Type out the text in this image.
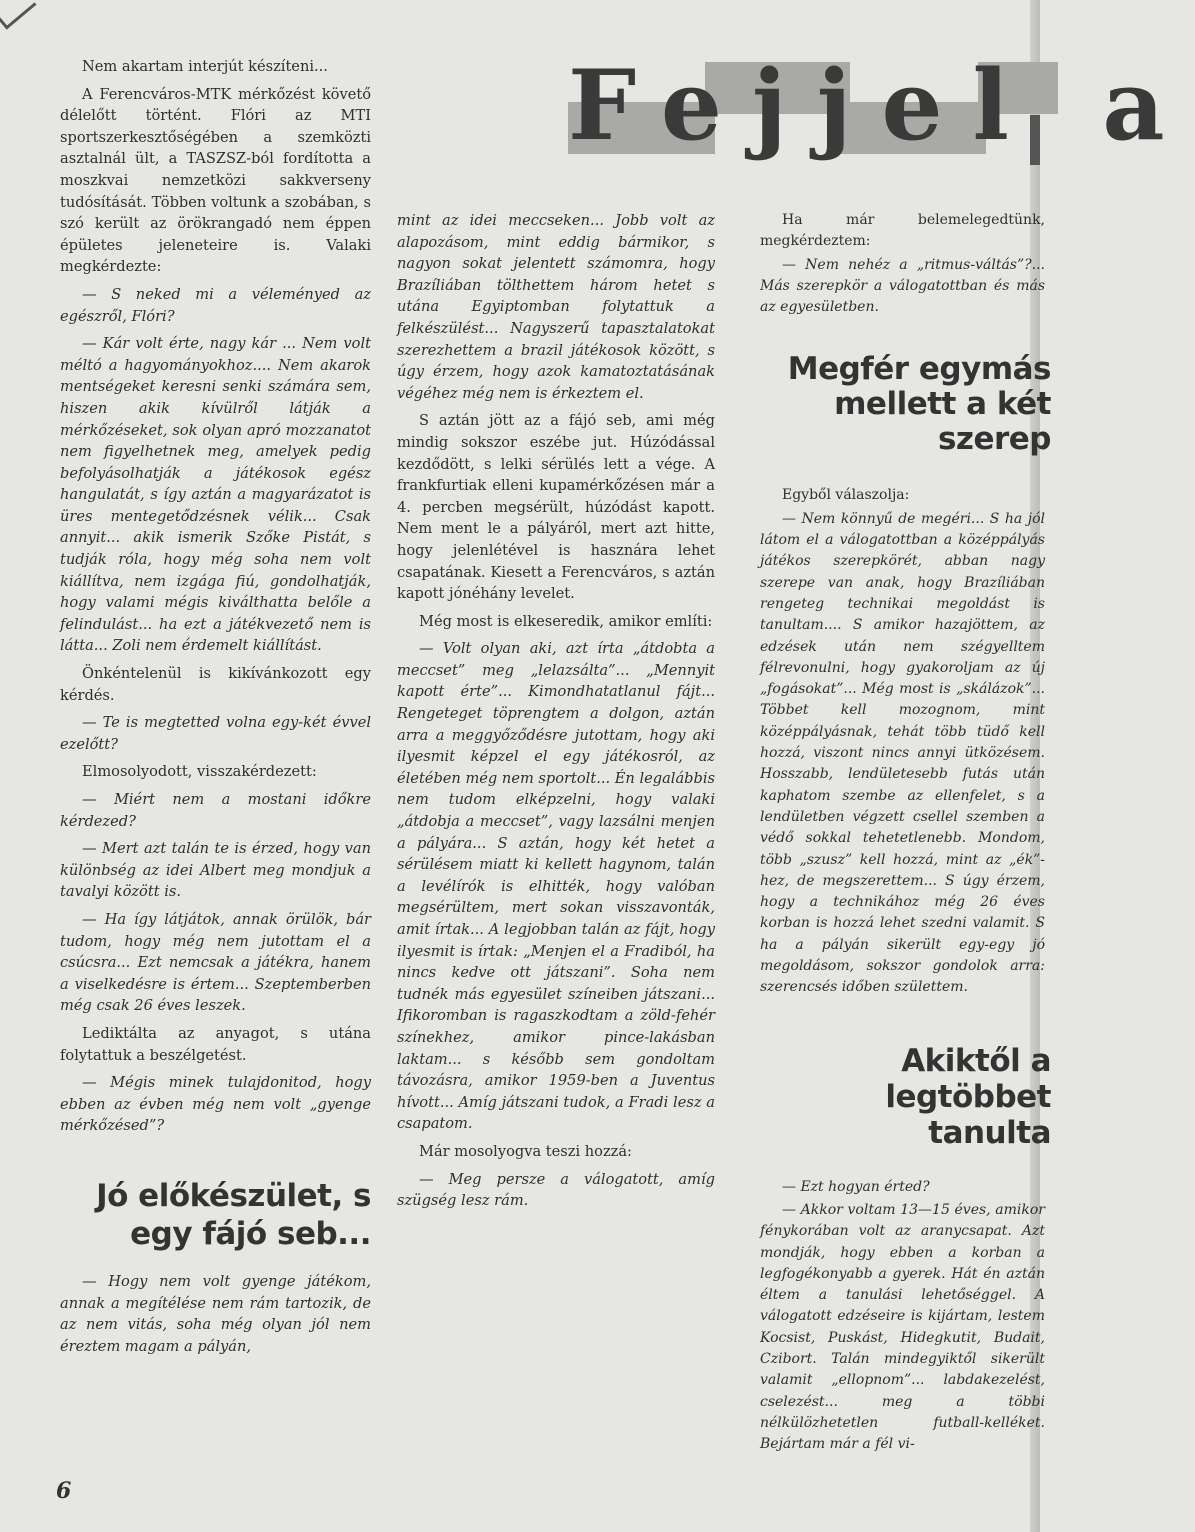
Fejjel a

Nem akartam interjút készíteni...

A Ferencváros-MTK mérkőzést követő délelőtt történt. Flóri az MTI sportszerkesztőségében a szemközti asztalnál ült, a TASZSZ-ból fordította a moszkvai nemzetközi sakkverseny tudósítását. Többen voltunk a szobában, s szó került az örökrangadó nem éppen épületes jeleneteire is. Valaki megkérdezte:

— S neked mi a véleményed az egészről, Flóri?

— Kár volt érte, nagy kár ... Nem volt méltó a hagyományokhoz.... Nem akarok mentségeket keresni senki számára sem, hiszen akik kívülről látják a mérkőzéseket, sok olyan apró mozzanatot nem figyelhetnek meg, amelyek pedig befolyásolhatják a játékosok egész hangulatát, s így aztán a magyarázatot is üres mentegetődzésnek vélik... Csak annyit... akik ismerik Szőke Pistát, s tudják róla, hogy még soha nem volt kiállítva, nem izgága fiú, gondolhatják, hogy valami mégis kiválthatta belőle a felindulást... ha ezt a játékvezető nem is látta... Zoli nem érdemelt kiállítást.

Önkéntelenül is kikívánkozott egy kérdés.

— Te is megtetted volna egy-két évvel ezelőtt?

Elmosolyodott, visszakérdezett:

— Miért nem a mostani időkre kérdezed?

— Mert azt talán te is érzed, hogy van különbség az idei Albert meg mondjuk a tavalyi között is.

— Ha így látjátok, annak örülök, bár tudom, hogy még nem jutottam el a csúcsra... Ezt nemcsak a játékra, hanem a viselkedésre is értem... Szeptemberben még csak 26 éves leszek.

Lediktálta az anyagot, s utána folytattuk a beszélgetést.

— Mégis minek tulajdonitod, hogy ebben az évben még nem volt „gyenge mérkőzésed”?

Jó előkészület, s egy fájó seb...

— Hogy nem volt gyenge játékom, annak a megítélése nem rám tartozik, de az nem vitás, soha még olyan jól nem éreztem magam a pályán,

mint az idei meccseken... Jobb volt az alapozásom, mint eddig bármikor, s nagyon sokat jelentett számomra, hogy Brazíliában tölthettem három hetet s utána Egyiptomban folytattuk a felkészülést... Nagyszerű tapasztalatokat szerezhettem a brazil játékosok között, s úgy érzem, hogy azok kamatoztatásának végéhez még nem is érkeztem el.

S aztán jött az a fájó seb, ami még mindig sokszor eszébe jut. Húzódással kezdődött, s lelki sérülés lett a vége. A frankfurtiak elleni kupamérkőzésen már a 4. percben megsérült, húzódást kapott. Nem ment le a pályáról, mert azt hitte, hogy jelenlétével is hasznára lehet csapatának. Kiesett a Ferencváros, s aztán kapott jónéhány levelet.

Még most is elkeseredik, amikor említi:

— Volt olyan aki, azt írta „átdobta a meccset” meg „lelazsálta”... „Mennyit kapott érte”... Kimondhatatlanul fájt... Rengeteget töprengtem a dolgon, aztán arra a meggyőződésre jutottam, hogy aki ilyesmit képzel el egy játékosról, az életében még nem sportolt... Én legalábbis nem tudom elképzelni, hogy valaki „átdobja a meccset”, vagy lazsálni menjen a pályára... S aztán, hogy két hetet a sérülésem miatt ki kellett hagynom, talán a levélírók is elhitték, hogy valóban megsérültem, mert sokan visszavonták, amit írtak... A legjobban talán az fájt, hogy ilyesmit is írtak: „Menjen el a Fradiból, ha nincs kedve ott játszani”. Soha nem tudnék más egyesület színeiben játszani... Ifikoromban is ragaszkodtam a zöld-fehér színekhez, amikor pince-lakásban laktam... s később sem gondoltam távozásra, amikor 1959-ben a Juventus hívott... Amíg játszani tudok, a Fradi lesz a csapatom.

Már mosolyogva teszi hozzá:

— Meg persze a válogatott, amíg szügség lesz rám.

Ha már belemelegedtünk, megkérdeztem:

— Nem nehéz a „ritmus-váltás”?... Más szerepkör a válogatottban és más az egyesületben.

Megfér egymás mellett a két szerep

Egyből válaszolja:

— Nem könnyű de megéri... S ha jól látom el a válogatottban a középpályás játékos szerepkörét, abban nagy szerepe van anak, hogy Brazíliában rengeteg technikai megoldást is tanultam.... S amikor hazajöttem, az edzések után nem szégyelltem félrevonulni, hogy gyakoroljam az új „fogásokat”... Még most is „skálázok”... Többet kell mozognom, mint középpályásnak, tehát több tüdő kell hozzá, viszont nincs annyi ütközésem. Hosszabb, lendületesebb futás után kaphatom szembe az ellenfelet, s a lendületben végzett csellel szemben a védő sokkal tehetetlenebb. Mondom, több „szusz” kell hozzá, mint az „ék”-hez, de megszerettem... S úgy érzem, hogy a technikához még 26 éves korban is hozzá lehet szedni valamit. S ha a pályán sikerült egy-egy jó megoldásom, sokszor gondolok arra: szerencsés időben születtem.

Akiktől a legtöbbet tanulta

— Ezt hogyan érted?

— Akkor voltam 13—15 éves, amikor fénykorában volt az aranycsapat. Azt mondják, hogy ebben a korban a legfogékonyabb a gyerek. Hát én aztán éltem a tanulási lehetőséggel. A válogatott edzéseire is kijártam, lestem Kocsist, Puskást, Hidegkutit, Budait, Czibort. Talán mindegyiktől sikerült valamit „ellopnom”... labdakezelést, cselezést... meg a többi nélkülözhetetlen futball-kelléket. Bejártam már a fél vi-

6
